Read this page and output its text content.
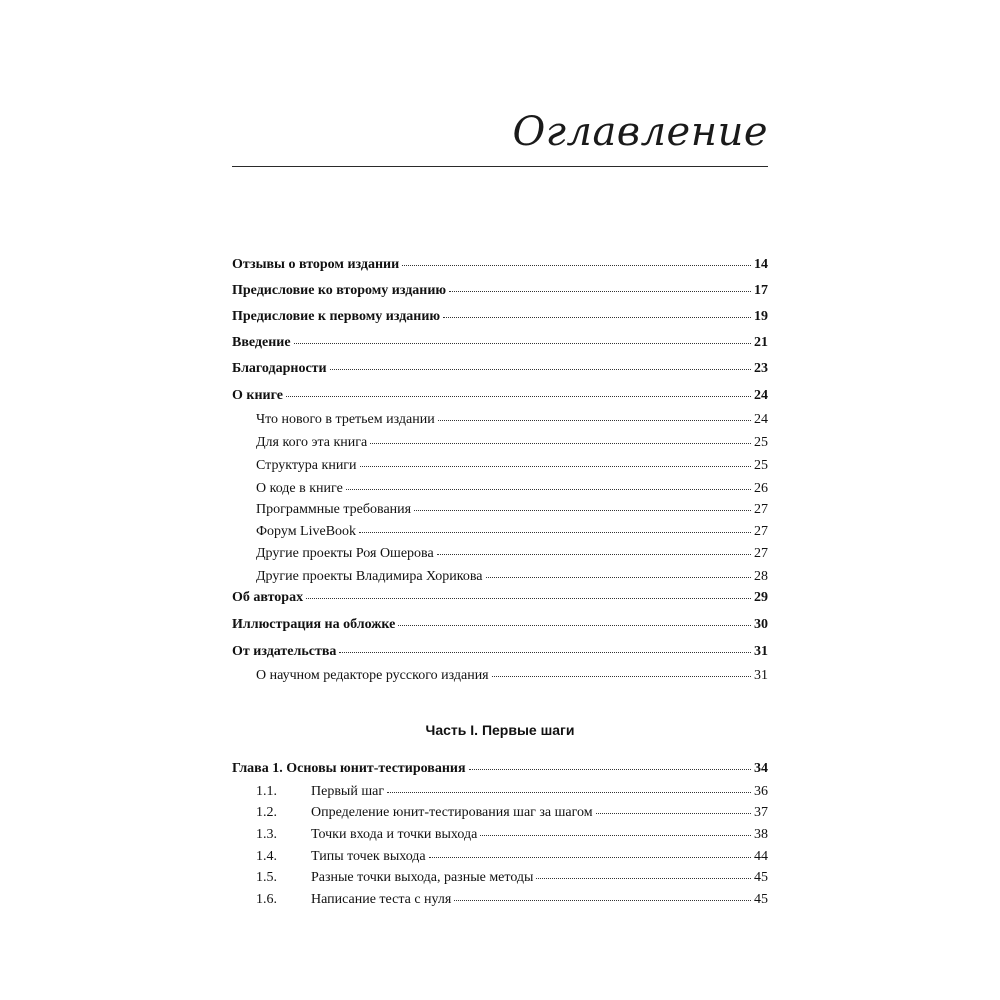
Оглавление
Отзывы о втором издании	14
Предисловие ко второму изданию	17
Предисловие к первому изданию	19
Введение	21
Благодарности	23
О книге	24
Что нового в третьем издании	24
Для кого эта книга	25
Структура книги	25
О коде в книге	26
Программные требования	27
Форум LiveBook	27
Другие проекты Роя Ошерова	27
Другие проекты Владимира Хорикова	28
Об авторах	29
Иллюстрация на обложке	30
От издательства	31
О научном редакторе русского издания	31
Глава 1. Основы юнит-тестирования	34
1.1.	Первый шаг	36
1.2.	Определение юнит-тестирования шаг за шагом	37
1.3.	Точки входа и точки выхода	38
1.4.	Типы точек выхода	44
1.5.	Разные точки выхода, разные методы	45
1.6.	Написание теста с нуля	45
Часть I. Первые шаги
